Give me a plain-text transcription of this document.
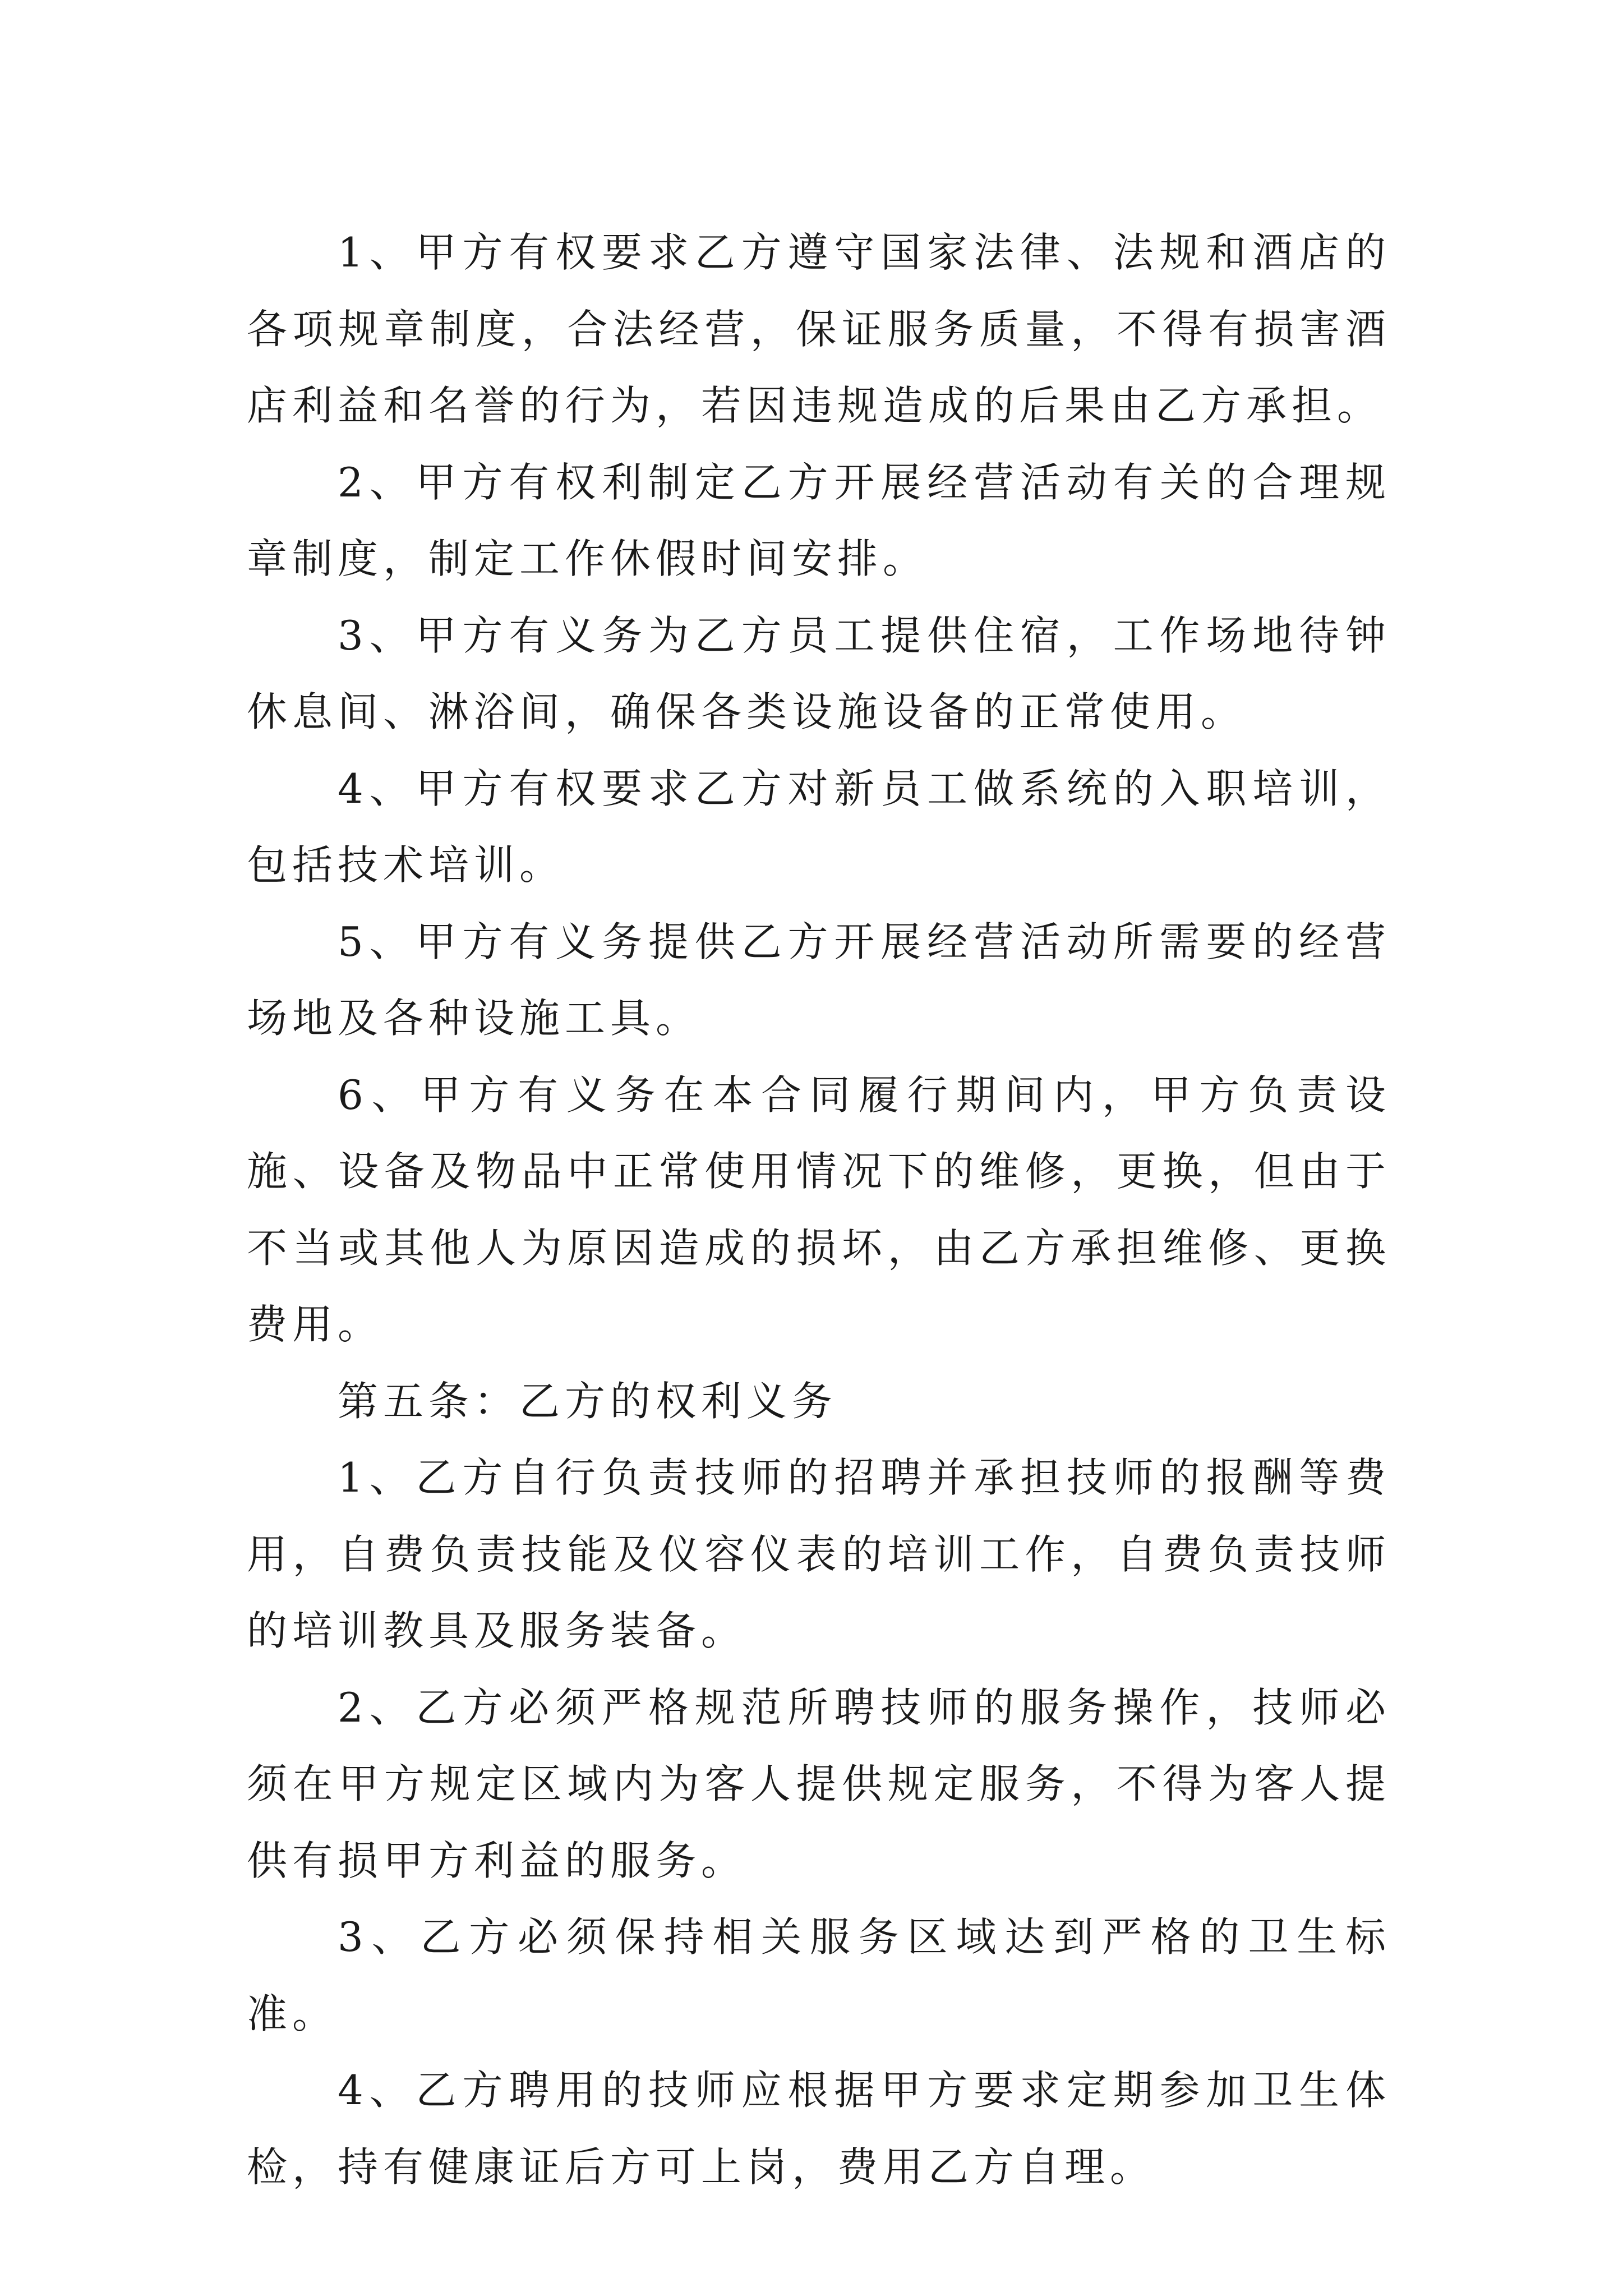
1、甲方有权要求乙方遵守国家法律、法规和酒店的各项规章制度，合法经营，保证服务质量，不得有损害酒店利益和名誉的行为，若因违规造成的后果由乙方承担。

2、甲方有权利制定乙方开展经营活动有关的合理规章制度，制定工作休假时间安排。

3、甲方有义务为乙方员工提供住宿，工作场地待钟休息间、淋浴间，确保各类设施设备的正常使用。

4、甲方有权要求乙方对新员工做系统的入职培训，包括技术培训。

5、甲方有义务提供乙方开展经营活动所需要的经营场地及各种设施工具。

6、甲方有义务在本合同履行期间内，甲方负责设施、设备及物品中正常使用情况下的维修，更换，但由于不当或其他人为原因造成的损坏，由乙方承担维修、更换费用。

第五条：乙方的权利义务

1、乙方自行负责技师的招聘并承担技师的报酬等费用，自费负责技能及仪容仪表的培训工作，自费负责技师的培训教具及服务装备。

2、乙方必须严格规范所聘技师的服务操作，技师必须在甲方规定区域内为客人提供规定服务，不得为客人提供有损甲方利益的服务。

3、乙方必须保持相关服务区域达到严格的卫生标准。

4、乙方聘用的技师应根据甲方要求定期参加卫生体检，持有健康证后方可上岗，费用乙方自理。
